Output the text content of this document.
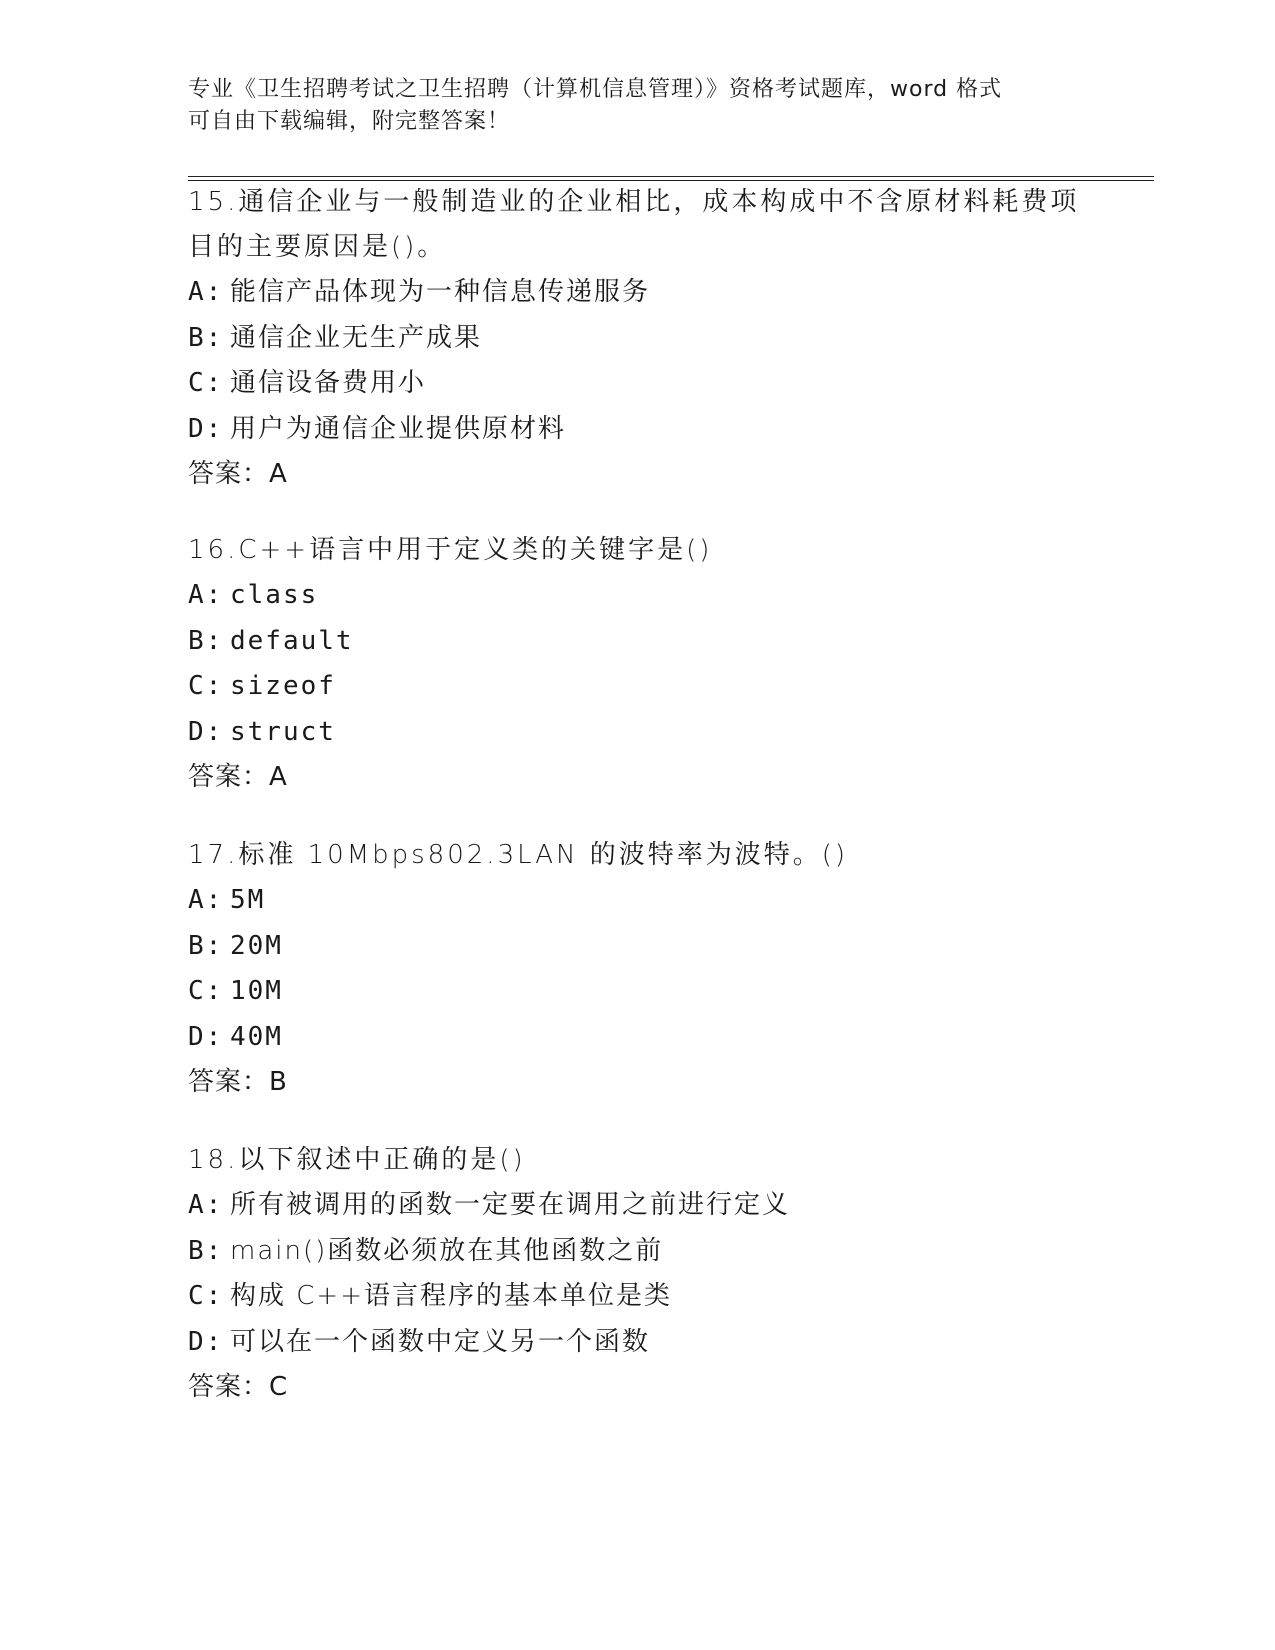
专业《卫生招聘考试之卫生招聘（计算机信息管理）》资格考试题库，word 格式
可自由下载编辑，附完整答案！
15.通信企业与一般制造业的企业相比，成本构成中不含原材料耗费项
目的主要原因是()。
A: 能信产品体现为一种信息传递服务
B: 通信企业无生产成果
C: 通信设备费用小
D: 用户为通信企业提供原材料
答案：A
16.C++语言中用于定义类的关键字是()
A: class
B: default
C: sizeof
D: struct
答案：A
17.标准 10Mbps802.3LAN 的波特率为波特。()
A: 5M
B: 20M
C: 10M
D: 40M
答案：B
18.以下叙述中正确的是()
A: 所有被调用的函数一定要在调用之前进行定义
B: main()函数必须放在其他函数之前
C: 构成 C++语言程序的基本单位是类
D: 可以在一个函数中定义另一个函数
答案：C
